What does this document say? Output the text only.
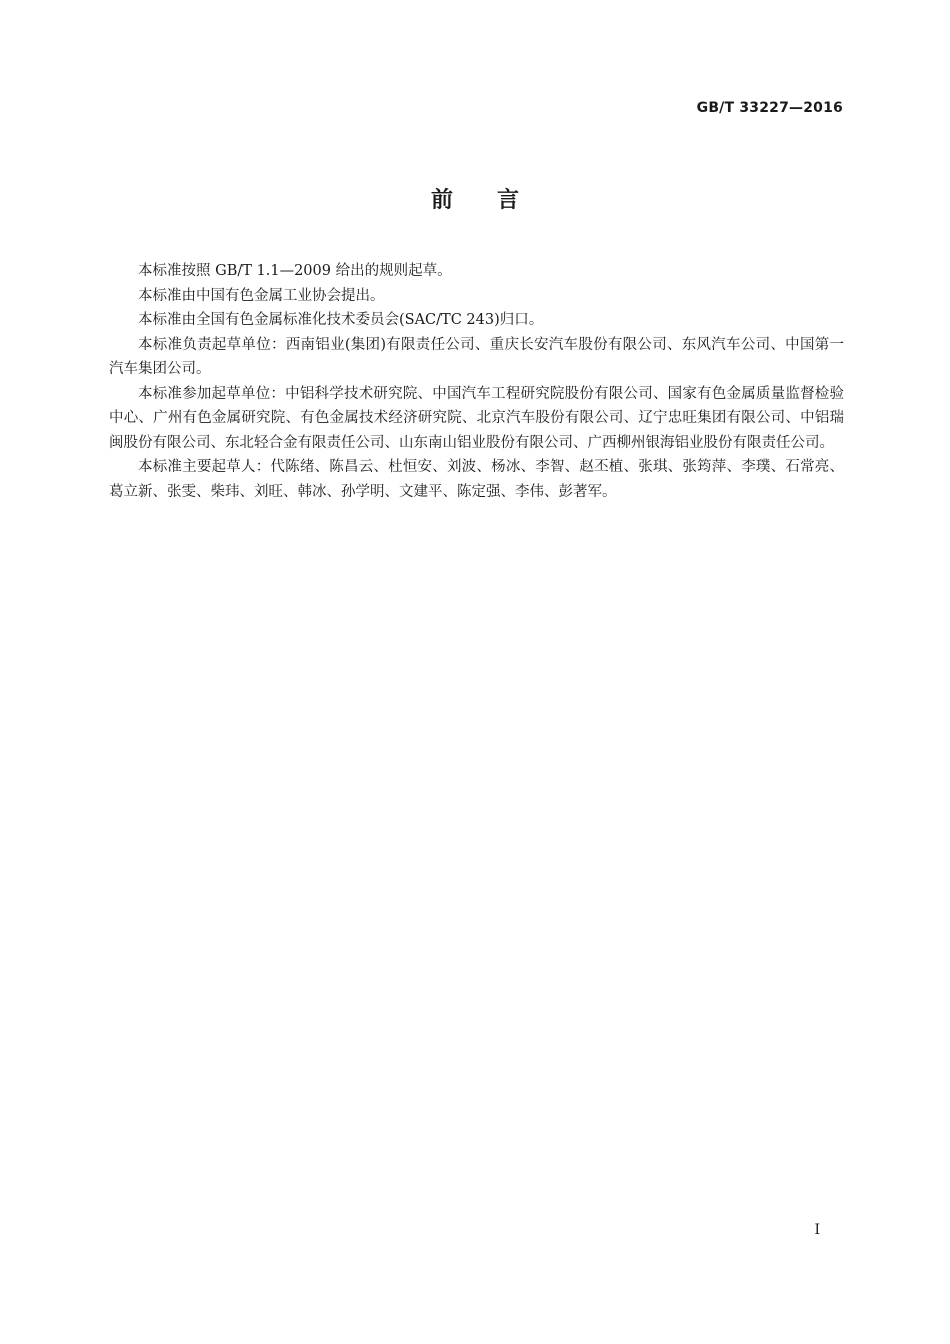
GB/T 33227—2016
前　　言

本标准按照 GB/T 1.1—2009 给出的规则起草。

本标准由中国有色金属工业协会提出。

本标准由全国有色金属标准化技术委员会(SAC/TC 243)归口。

本标准负责起草单位：西南铝业(集团)有限责任公司、重庆长安汽车股份有限公司、东风汽车公司、中国第一汽车集团公司。

本标准参加起草单位：中铝科学技术研究院、中国汽车工程研究院股份有限公司、国家有色金属质量监督检验中心、广州有色金属研究院、有色金属技术经济研究院、北京汽车股份有限公司、辽宁忠旺集团有限公司、中铝瑞闽股份有限公司、东北轻合金有限责任公司、山东南山铝业股份有限公司、广西柳州银海铝业股份有限责任公司。

本标准主要起草人：代陈绪、陈昌云、杜恒安、刘波、杨冰、李智、赵丕植、张琪、张筠萍、李璞、石常亮、葛立新、张雯、柴玮、刘旺、韩冰、孙学明、文建平、陈定强、李伟、彭著军。

I
